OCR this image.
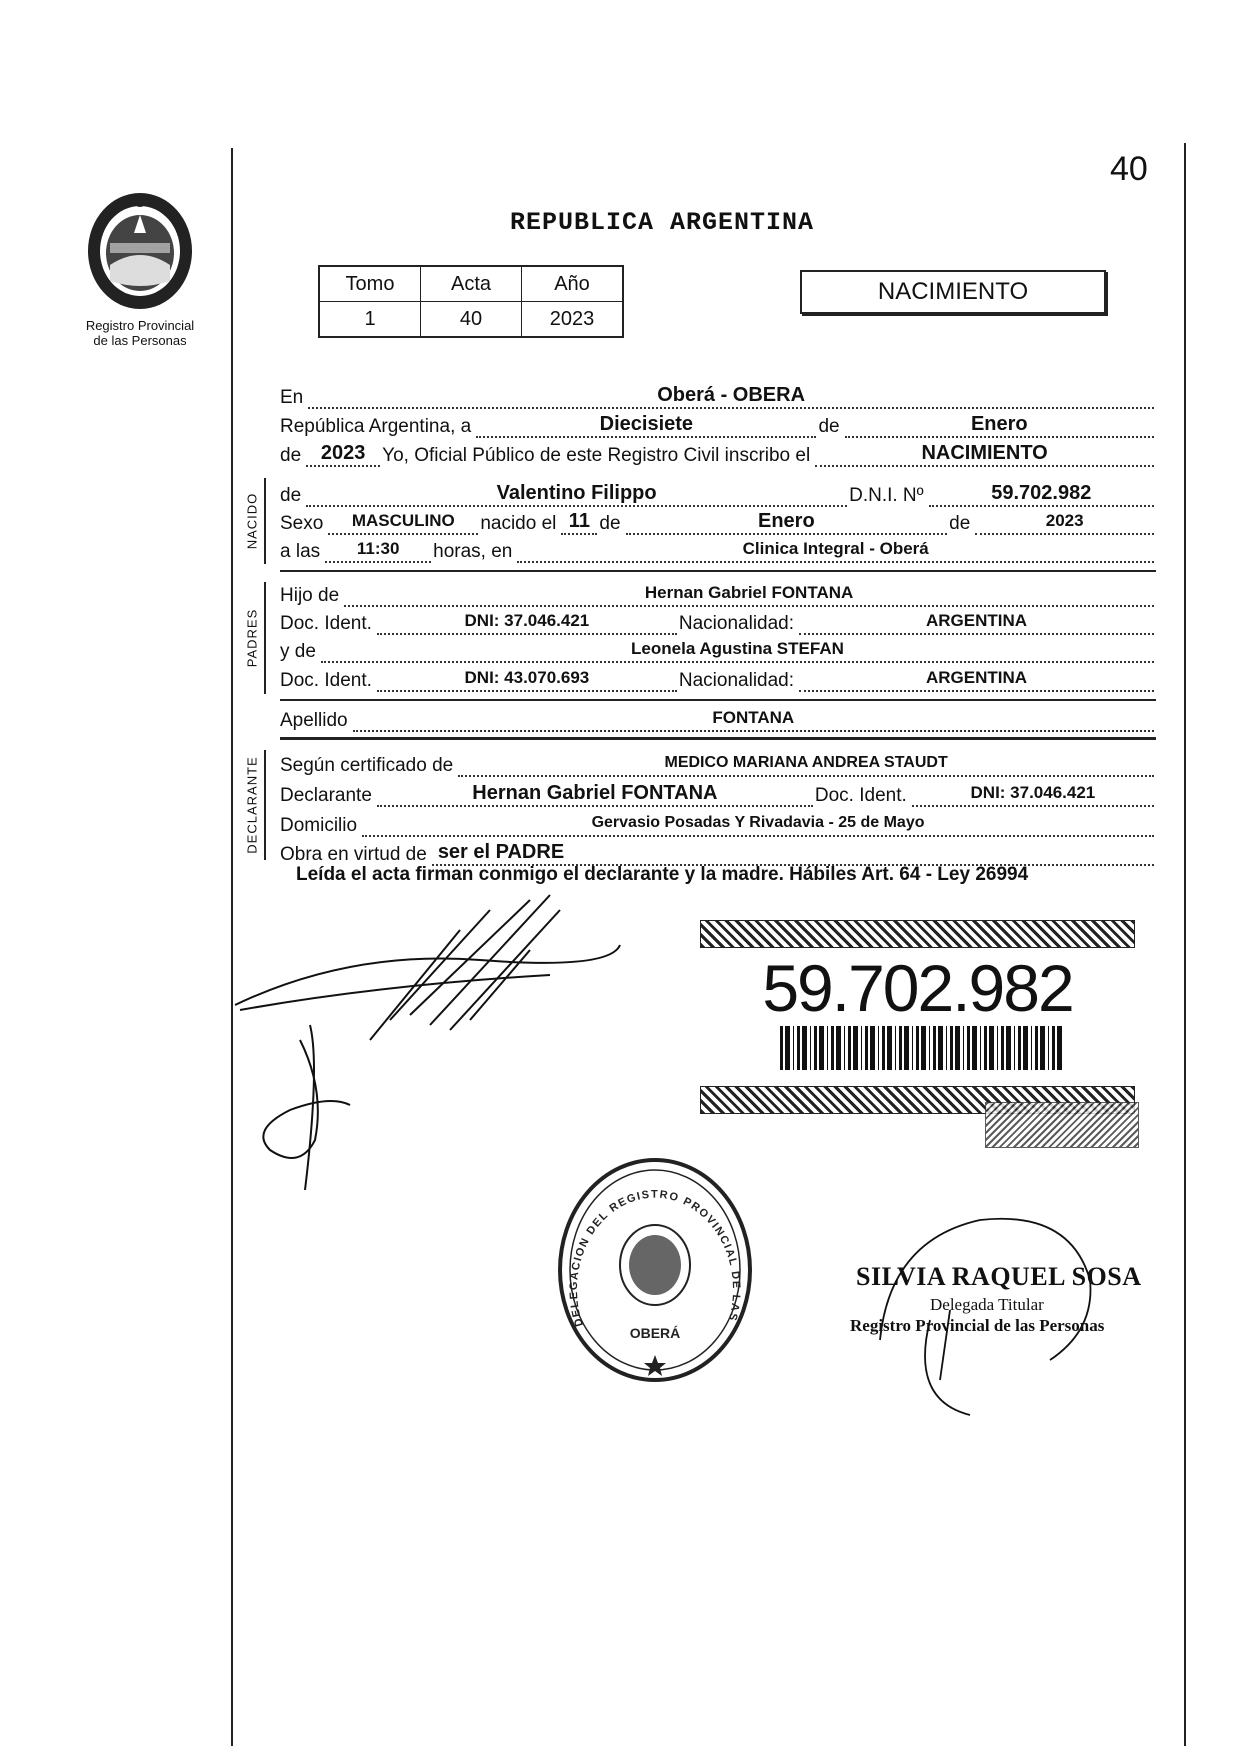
40
Registro Provincial
de las Personas
REPUBLICA ARGENTINA
Tomo	Acta	Año
1	40	2023
NACIMIENTO
En	Oberá - OBERA
República Argentina, a	Diecisiete	de	Enero
de 2023 Yo, Oficial Público de este Registro Civil inscribo el	NACIMIENTO
NACIDO de	Valentino Filippo	D.N.I. Nº	59.702.982
Sexo	MASCULINO	nacido el 11 de	Enero	de	2023
a las	11:30	horas, en	Clinica Integral - Oberá
PADRES
Hijo de	Hernan Gabriel FONTANA
Doc. Ident.	DNI: 37.046.421	Nacionalidad:	ARGENTINA
y de	Leonela Agustina STEFAN
Doc. Ident.	DNI: 43.070.693	Nacionalidad:	ARGENTINA
Apellido	FONTANA
DECLARANTE Según certificado de	MEDICO MARIANA ANDREA STAUDT
Declarante	Hernan Gabriel FONTANA	Doc. Ident.	DNI: 37.046.421
Domicilio	Gervasio Posadas Y Rivadavia - 25 de Mayo
Obra en virtud de ser el PADRE
Leída el acta firman conmigo el declarante y la madre. Hábiles Art. 64 - Ley 26994
59.702.982
DELEGACION DEL REGISTRO PROVINCIAL DE LAS
OBERÁ
SILVIA RAQUEL SOSA
Delegada Titular
Registro Provincial de las Personas
